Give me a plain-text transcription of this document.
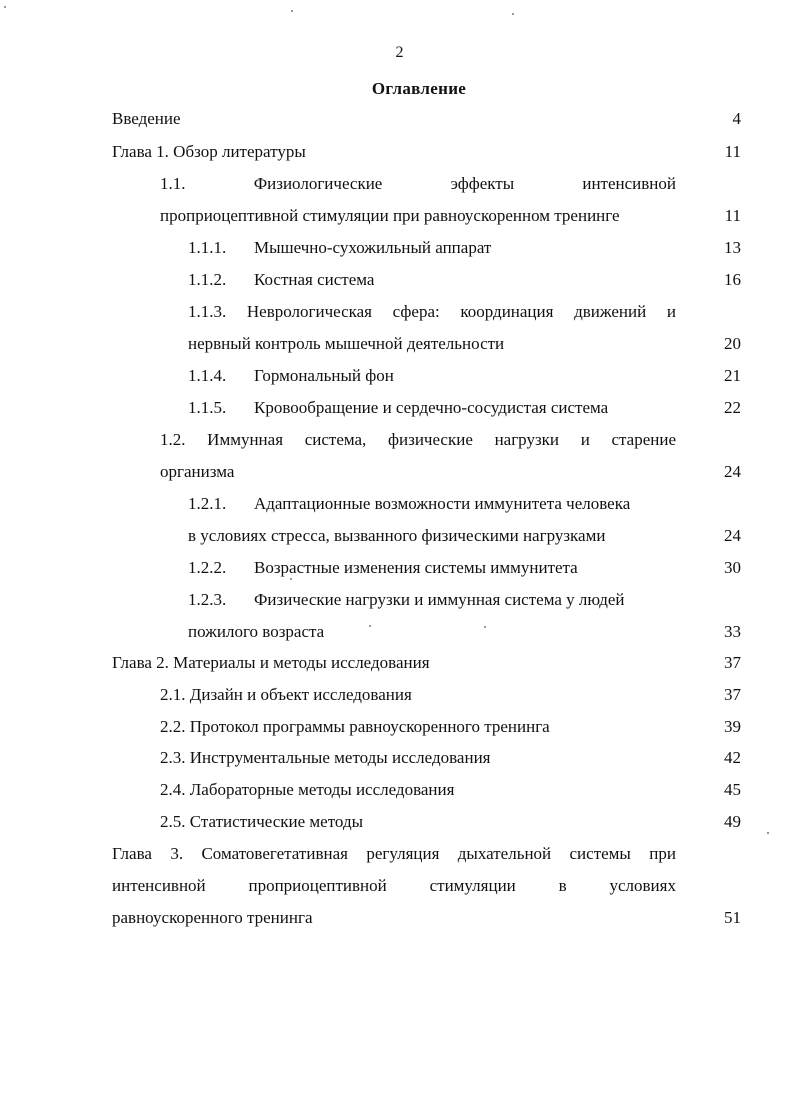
2
Оглавление
Введение	4
Глава 1. Обзор литературы	11
1.1.	Физиологические	эффекты	интенсивной
проприоцептивной стимуляции при равноускоренном тренинге	11
1.1.1. Мышечно-сухожильный аппарат	13
1.1.2. Костная система	16
1.1.3. Неврологическая сфера: координация движений и
нервный контроль мышечной деятельности	20
1.1.4. Гормональный фон	21
1.1.5. Кровообращение и сердечно-сосудистая система	22
1.2. Иммунная система, физические нагрузки и старение
организма	24
1.2.1. Адаптационные возможности иммунитета человека
в условиях стресса, вызванного физическими нагрузками	24
1.2.2. Возрастные изменения системы иммунитета	30
1.2.3. Физические нагрузки и иммунная система у людей
пожилого возраста	33
Глава 2. Материалы и методы исследования	37
2.1. Дизайн и объект исследования	37
2.2. Протокол программы равноускоренного тренинга	39
2.3. Инструментальные методы исследования	42
2.4. Лабораторные методы исследования	45
2.5. Статистические методы	49
Глава 3. Соматовегетативная регуляция дыхательной системы при
интенсивной	проприоцептивной	стимуляции	в	условиях
равноускоренного тренинга	51
